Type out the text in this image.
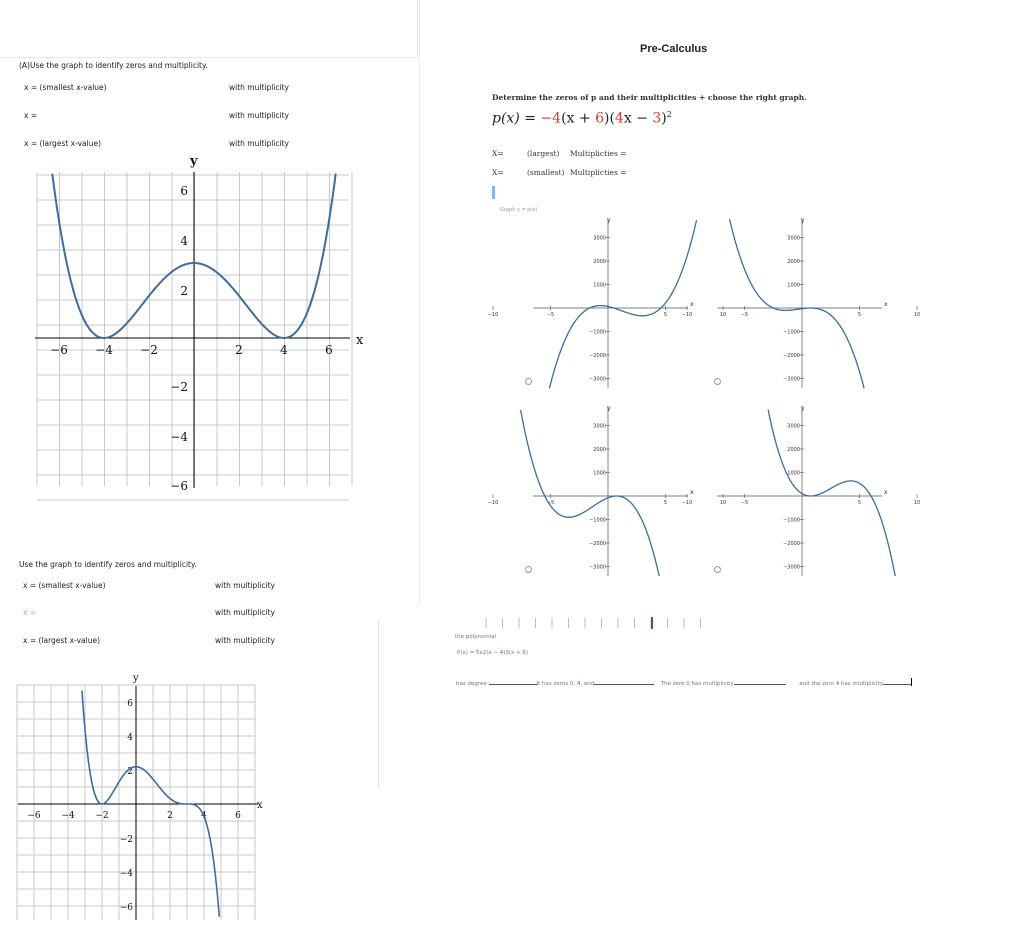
(A)Use the graph to identify zeros and multiplicity.
x = (smallest x-value)	with multiplicity
x =	with multiplicity
x = (largest x-value)	with multiplicity
−6 −4 −2	2	4	6
6
4
2
−2
−4
−6
x
y
Use the graph to identify zeros and multiplicity.
x = (smallest x-value)	with multiplicity
x =	with multiplicity
x = (largest x-value)	with multiplicity
−6 −4 −2	2	4	6
6
4
2
−2
−4
−6
x
y
Pre-Calculus
Determine the zeros of p and their multiplicities + choose the right graph.
$p(x) = -4(x + 6)(4x - 3)^2$
X=	(largest) Multiplicties =
X=	(smallest) Multiplicties =
Graph y = p(x)
−10	−5	5	10
3000
2000
1000
−1000
−2000
−3000
x
y
−10	−5	5	10
3000
2000
1000
−1000
−2000
−3000
x
y
−10	−5	5	10
3000
2000
1000
−1000
−2000
−3000
x
y
−10	−5	5	10
3000
2000
1000
−1000
−2000
−3000
x
y
the polynomial
P(x) = 5x2(x − 4)3(x + 6)
has degree	It has zeros 0, 4, and	. The zero 0 has multiplicity	and the zero 4 has multiplicity
